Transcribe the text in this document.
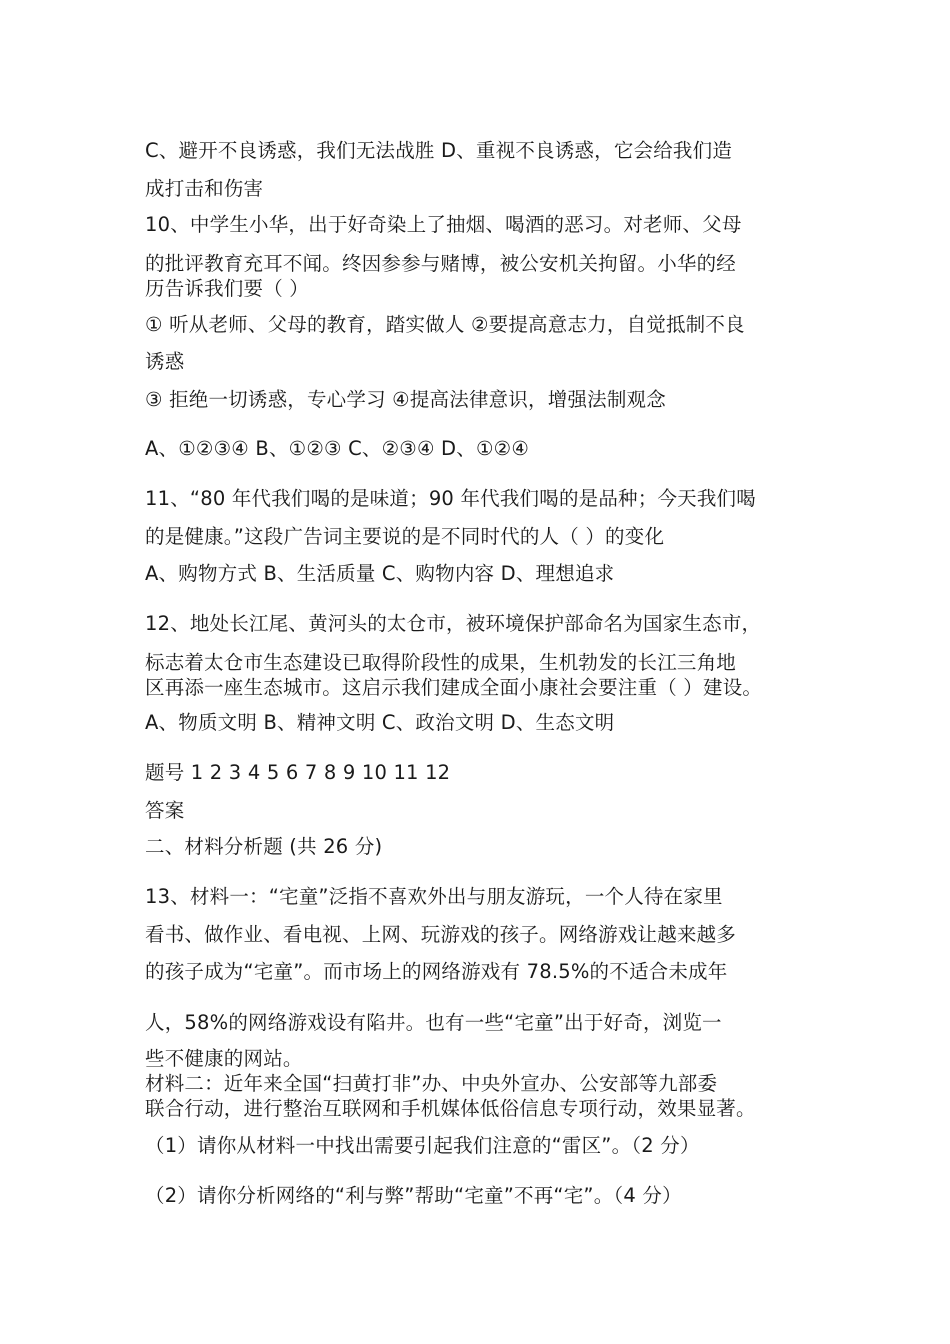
C、避开不良诱惑，我们无法战胜 D、重视不良诱惑，它会给我们造
成打击和伤害
10、中学生小华，出于好奇染上了抽烟、喝酒的恶习。对老师、父母
的批评教育充耳不闻。终因参参与赌博，被公安机关拘留。小华的经
历告诉我们要（ ）
① 听从老师、父母的教育，踏实做人 ②要提高意志力，自觉抵制不良
诱惑
③ 拒绝一切诱惑，专心学习 ④提高法律意识，增强法制观念
A、①②③④ B、①②③ C、②③④ D、①②④
11、“80 年代我们喝的是味道；90 年代我们喝的是品种；今天我们喝
的是健康。”这段广告词主要说的是不同时代的人（ ）的变化
A、购物方式 B、生活质量 C、购物内容 D、理想追求
12、地处长江尾、黄河头的太仓市，被环境保护部命名为国家生态市，
标志着太仓市生态建设已取得阶段性的成果，生机勃发的长江三角地
区再添一座生态城市。这启示我们建成全面小康社会要注重（ ）建设。
A、物质文明 B、精神文明 C、政治文明 D、生态文明
题号 1 2 3 4 5 6 7 8 9 10 11 12
答案
二、材料分析题 (共 26 分)
13、材料一：“宅童”泛指不喜欢外出与朋友游玩，一个人待在家里
看书、做作业、看电视、上网、玩游戏的孩子。网络游戏让越来越多
的孩子成为“宅童”。而市场上的网络游戏有 78.5%的不适合未成年
人，58%的网络游戏设有陷井。也有一些“宅童”出于好奇，浏览一
些不健康的网站。
材料二：近年来全国“扫黄打非”办、中央外宣办、公安部等九部委
联合行动，进行整治互联网和手机媒体低俗信息专项行动，效果显著。
（1）请你从材料一中找出需要引起我们注意的“雷区”。（2 分）
（2）请你分析网络的“利与弊”帮助“宅童”不再“宅”。（4 分）
